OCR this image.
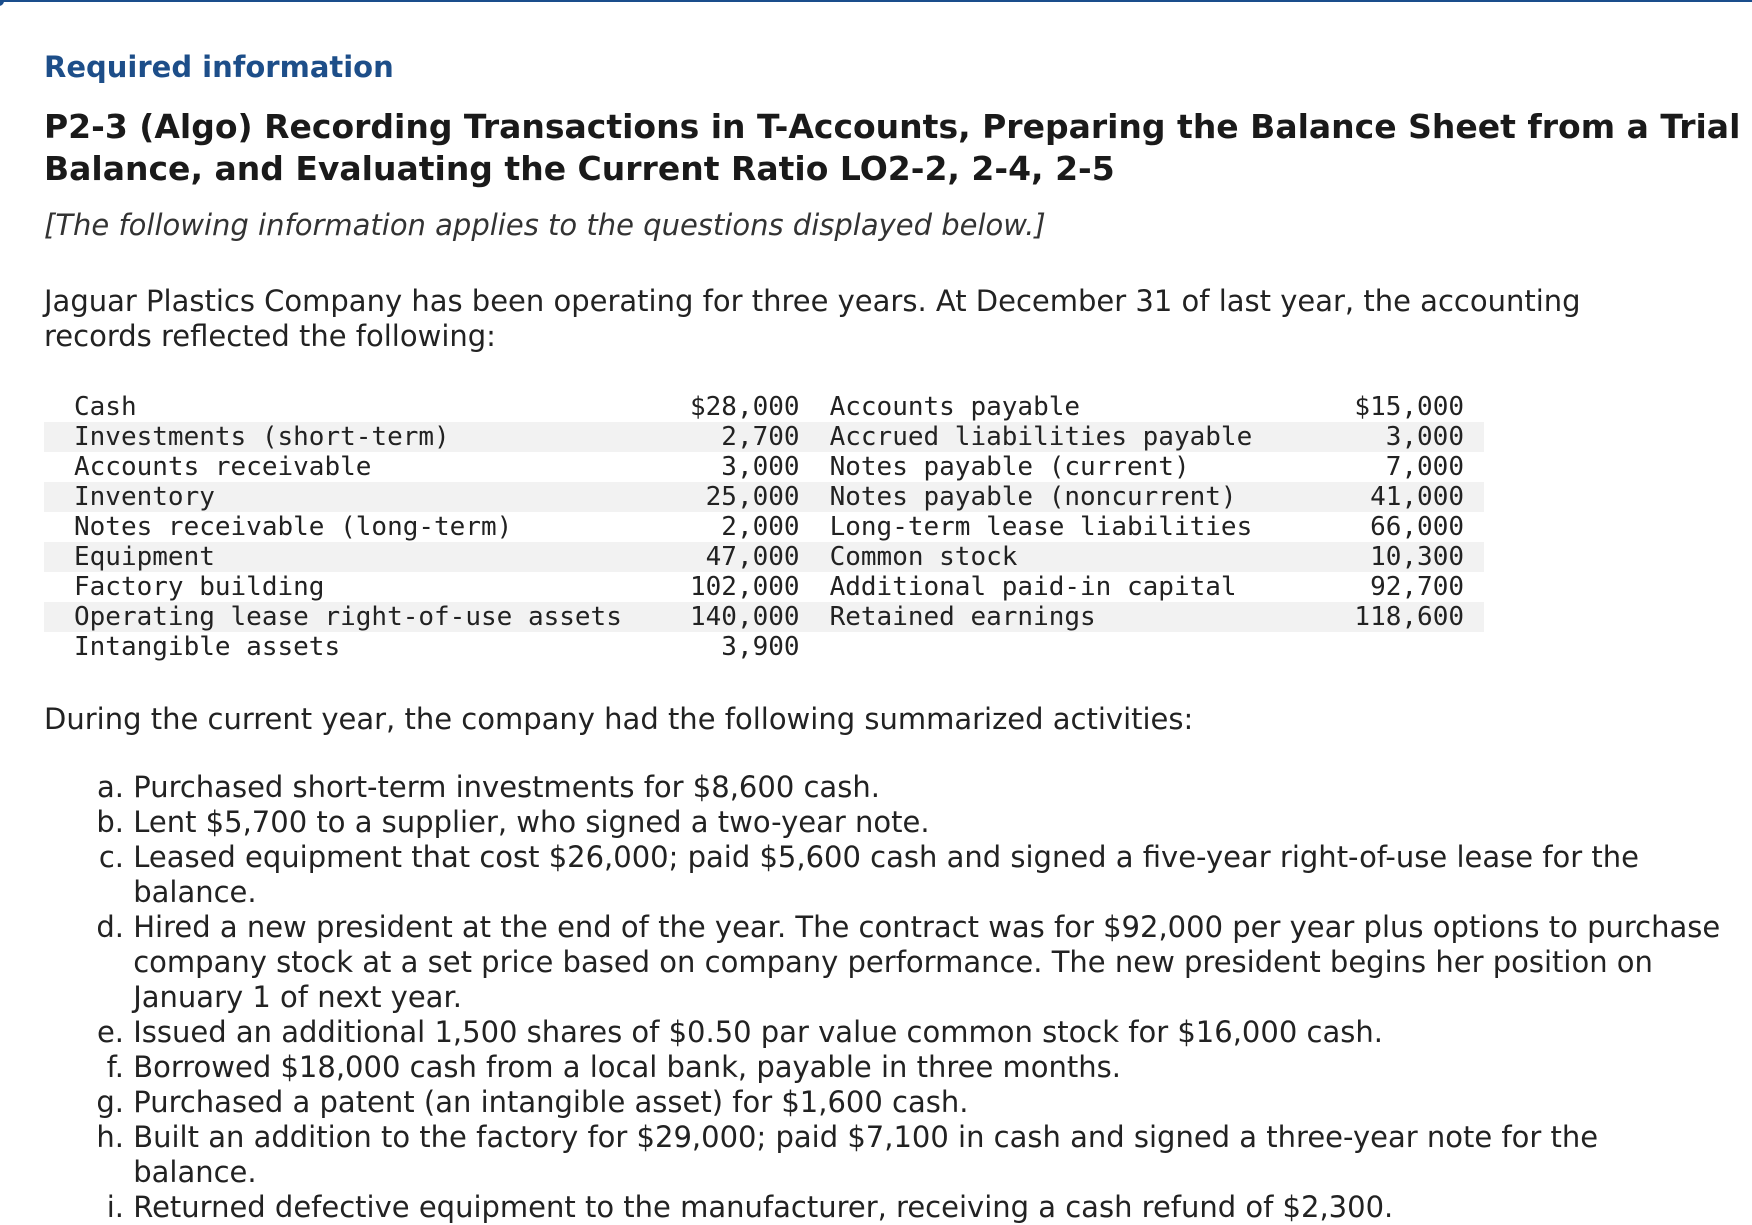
Required information
P2-3 (Algo) Recording Transactions in T-Accounts, Preparing the Balance Sheet from a Trial Balance, and Evaluating the Current Ratio LO2-2, 2-4, 2-5
[The following information applies to the questions displayed below.]
Jaguar Plastics Company has been operating for three years. At December 31 of last year, the accounting records reflected the following:
Cash	$28,000	Accounts payable	$15,000
Investments (short-term)	2,700	Accrued liabilities payable	3,000
Accounts receivable	3,000	Notes payable (current)	7,000
Inventory	25,000	Notes payable (noncurrent)	41,000
Notes receivable (long-term)	2,000	Long-term lease liabilities	66,000
Equipment	47,000	Common stock	10,300
Factory building	102,000	Additional paid-in capital	92,700
Operating lease right-of-use assets	140,000	Retained earnings	118,600
Intangible assets	3,900		
During the current year, the company had the following summarized activities:
a.
Purchased short-term investments for $8,600 cash.
b.
Lent $5,700 to a supplier, who signed a two-year note.
c.
Leased equipment that cost $26,000; paid $5,600 cash and signed a five-year right-of-use lease for the balance.
d.
Hired a new president at the end of the year. The contract was for $92,000 per year plus options to purchase company stock at a set price based on company performance. The new president begins her position on January 1 of next year.
e.
Issued an additional 1,500 shares of $0.50 par value common stock for $16,000 cash.
f.
Borrowed $18,000 cash from a local bank, payable in three months.
g.
Purchased a patent (an intangible asset) for $1,600 cash.
h.
Built an addition to the factory for $29,000; paid $7,100 in cash and signed a three-year note for the balance.
i.
Returned defective equipment to the manufacturer, receiving a cash refund of $2,300.
